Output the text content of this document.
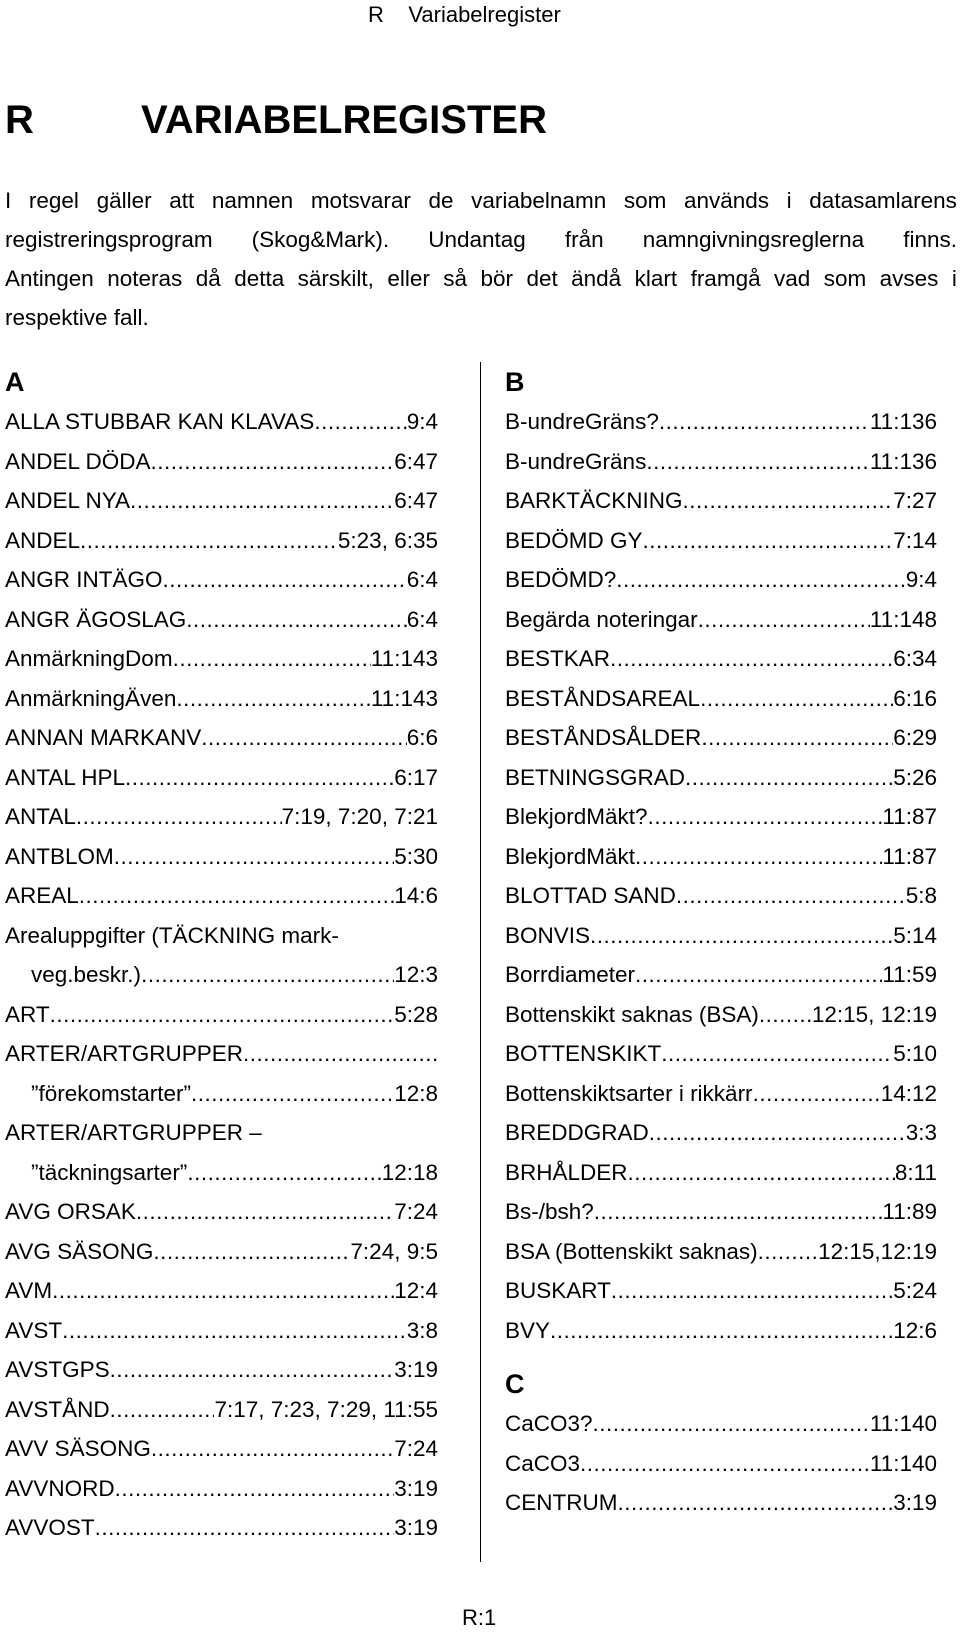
R    Variabelregister
R	VARIABELREGISTER
I regel gäller att namnen motsvarar de variabelnamn som används i datasamlarens
registreringsprogram (Skog&Mark). Undantag från namngivningsreglerna finns.
Antingen noteras då detta särskilt, eller så bör det ändå klart framgå vad som avses i
respektive fall.
A
ALLA STUBBAR KAN KLAVAS .....	9:4
ANDEL DÖDA .....	6:47
ANDEL NYA .....	6:47
ANDEL .....	5:23, 6:35
ANGR INTÄGO .....	6:4
ANGR ÄGOSLAG .....	6:4
AnmärkningDom .....	11:143
AnmärkningÄven .....	11:143
ANNAN MARKANV .....	6:6
ANTAL HPL .....	6:17
ANTAL .....	7:19, 7:20, 7:21
ANTBLOM .....	5:30
AREAL .....	14:6
Arealuppgifter (TÄCKNING mark-
veg.beskr.) .....	12:3
ART .....	5:28
ARTER/ARTGRUPPER
.....
”förekomstarter” .....	12:8
ARTER/ARTGRUPPER –
”täckningsarter” .....	12:18
AVG ORSAK .....	7:24
AVG SÄSONG .....	7:24, 9:5
AVM .....	12:4
AVST .....	3:8
AVSTGPS .....	3:19
AVSTÅND .....	7:17, 7:23, 7:29, 11:55
AVV SÄSONG .....	7:24
AVVNORD .....	3:19
AVVOST .....	3:19
B
B-undreGräns? .....	11:136
B-undreGräns .....	11:136
BARKTÄCKNING .....	7:27
BEDÖMD GY .....	7:14
BEDÖMD? .....	9:4
Begärda noteringar .....	11:148
BESTKAR .....	6:34
BESTÅNDSAREAL .....	6:16
BESTÅNDSÅLDER .....	6:29
BETNINGSGRAD .....	5:26
BlekjordMäkt? .....	11:87
BlekjordMäkt .....	11:87
BLOTTAD SAND .....	5:8
BONVIS .....	5:14
Borrdiameter .....	11:59
Bottenskikt saknas (BSA) ..... 12:15, 12:19
BOTTENSKIKT .....	5:10
Bottenskiktsarter i rikkärr .....	14:12
BREDDGRAD .....	3:3
BRHÅLDER .....	8:11
Bs-/bsh? .....	11:89
BSA (Bottenskikt saknas) .....	12:15,12:19
BUSKART .....	5:24
BVY .....	12:6
C
CaCO3? .....	11:140
CaCO3 .....	11:140
CENTRUM .....	3:19
R:1
